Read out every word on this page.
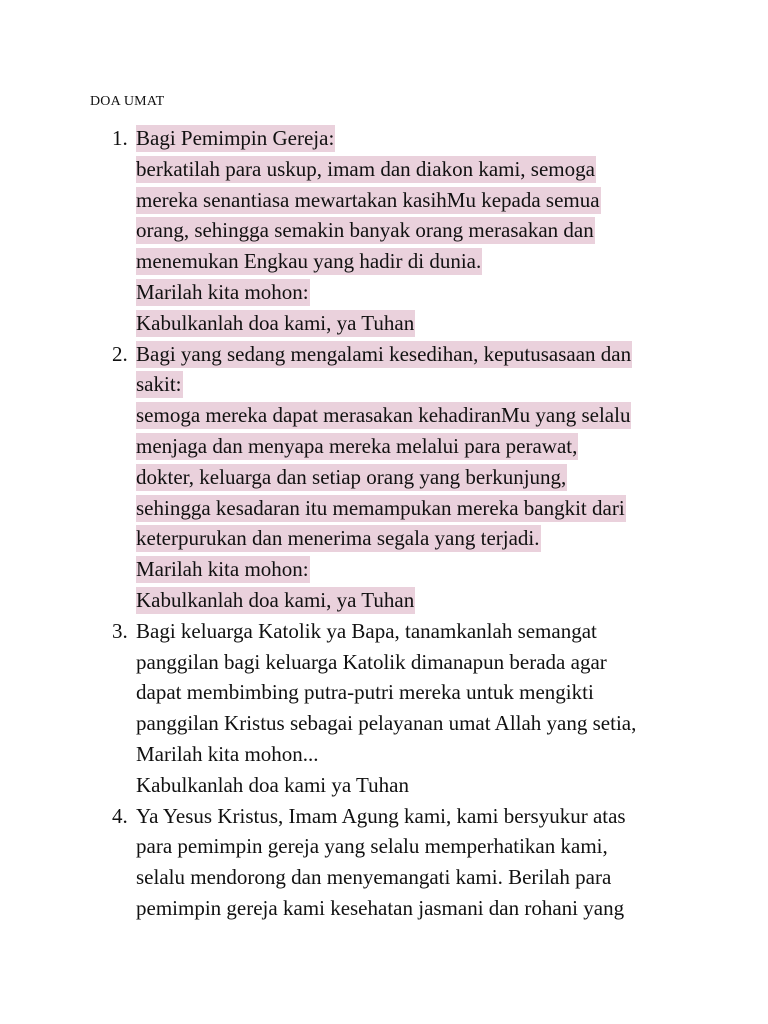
DOA UMAT
1. Bagi Pemimpin Gereja:
berkatilah para uskup, imam dan diakon kami, semoga
mereka senantiasa mewartakan kasihMu kepada semua
orang, sehingga semakin banyak orang merasakan dan
menemukan Engkau yang hadir di dunia.
Marilah kita mohon:
Kabulkanlah doa kami, ya Tuhan
2. Bagi yang sedang mengalami kesedihan, keputusasaan dan
sakit:
semoga mereka dapat merasakan kehadiranMu yang selalu
menjaga dan menyapa mereka melalui para perawat,
dokter, keluarga dan setiap orang yang berkunjung,
sehingga kesadaran itu memampukan mereka bangkit dari
keterpurukan dan menerima segala yang terjadi.
Marilah kita mohon:
Kabulkanlah doa kami, ya Tuhan
3. Bagi keluarga Katolik ya Bapa, tanamkanlah semangat
panggilan bagi keluarga Katolik dimanapun berada agar
dapat membimbing putra-putri mereka untuk mengikti
panggilan Kristus sebagai pelayanan umat Allah yang setia,
Marilah kita mohon...
Kabulkanlah doa kami ya Tuhan
4. Ya Yesus Kristus, Imam Agung kami, kami bersyukur atas
para pemimpin gereja yang selalu memperhatikan kami,
selalu mendorong dan menyemangati kami. Berilah para
pemimpin gereja kami kesehatan jasmani dan rohani yang
